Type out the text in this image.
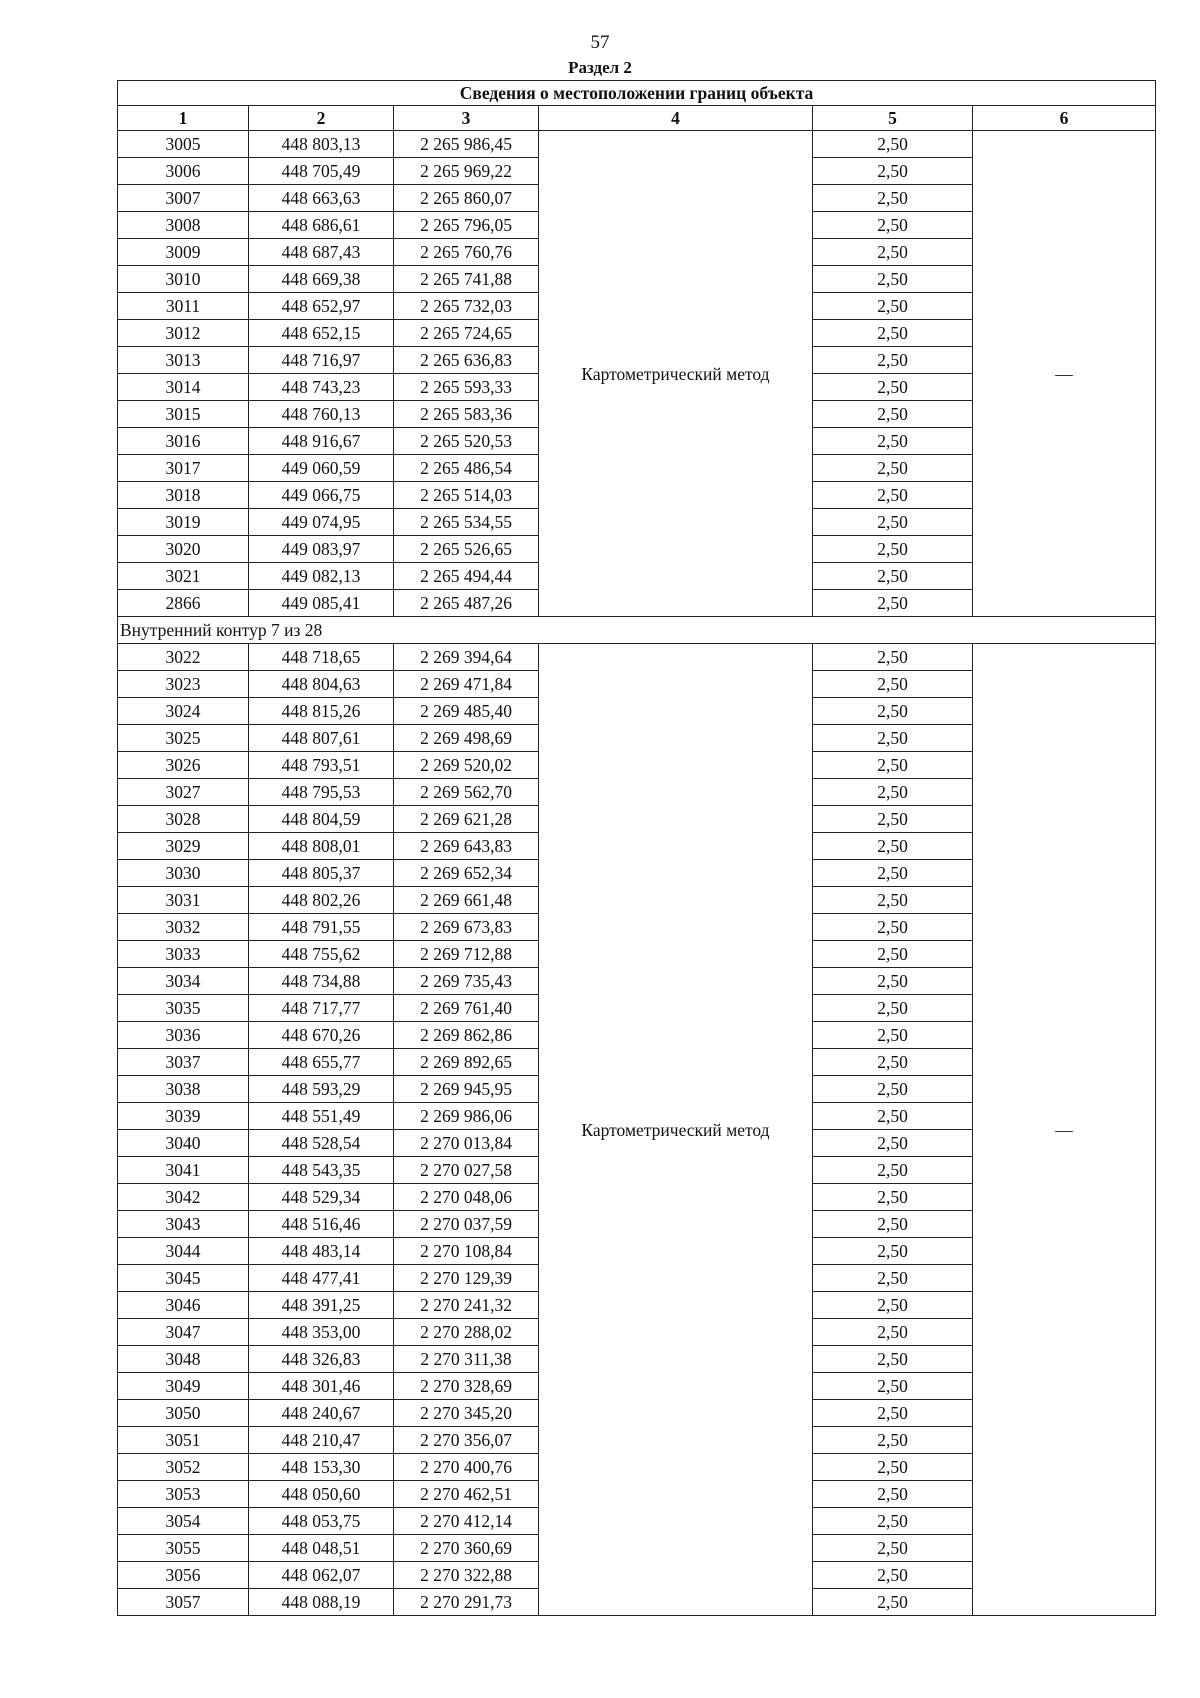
57
Раздел 2
Сведения о местоположении границ объекта					
1	2	3	4	5	6
3005	448 803,13	2 265 986,45	Картометрический метод	2,50	—
3006	448 705,49	2 265 969,22		2,50	
3007	448 663,63	2 265 860,07		2,50	
3008	448 686,61	2 265 796,05		2,50	
3009	448 687,43	2 265 760,76		2,50	
3010	448 669,38	2 265 741,88		2,50	
3011	448 652,97	2 265 732,03		2,50	
3012	448 652,15	2 265 724,65		2,50	
3013	448 716,97	2 265 636,83		2,50	
3014	448 743,23	2 265 593,33		2,50	
3015	448 760,13	2 265 583,36		2,50	
3016	448 916,67	2 265 520,53		2,50	
3017	449 060,59	2 265 486,54		2,50	
3018	449 066,75	2 265 514,03		2,50	
3019	449 074,95	2 265 534,55		2,50	
3020	449 083,97	2 265 526,65		2,50	
3021	449 082,13	2 265 494,44		2,50	
2866	449 085,41	2 265 487,26		2,50	
Внутренний контур 7 из 28					
3022	448 718,65	2 269 394,64	Картометрический метод	2,50	—
3023	448 804,63	2 269 471,84		2,50	
3024	448 815,26	2 269 485,40		2,50	
3025	448 807,61	2 269 498,69		2,50	
3026	448 793,51	2 269 520,02		2,50	
3027	448 795,53	2 269 562,70		2,50	
3028	448 804,59	2 269 621,28		2,50	
3029	448 808,01	2 269 643,83		2,50	
3030	448 805,37	2 269 652,34		2,50	
3031	448 802,26	2 269 661,48		2,50	
3032	448 791,55	2 269 673,83		2,50	
3033	448 755,62	2 269 712,88		2,50	
3034	448 734,88	2 269 735,43		2,50	
3035	448 717,77	2 269 761,40		2,50	
3036	448 670,26	2 269 862,86		2,50	
3037	448 655,77	2 269 892,65		2,50	
3038	448 593,29	2 269 945,95		2,50	
3039	448 551,49	2 269 986,06		2,50	
3040	448 528,54	2 270 013,84		2,50	
3041	448 543,35	2 270 027,58		2,50	
3042	448 529,34	2 270 048,06		2,50	
3043	448 516,46	2 270 037,59		2,50	
3044	448 483,14	2 270 108,84		2,50	
3045	448 477,41	2 270 129,39		2,50	
3046	448 391,25	2 270 241,32		2,50	
3047	448 353,00	2 270 288,02		2,50	
3048	448 326,83	2 270 311,38		2,50	
3049	448 301,46	2 270 328,69		2,50	
3050	448 240,67	2 270 345,20		2,50	
3051	448 210,47	2 270 356,07		2,50	
3052	448 153,30	2 270 400,76		2,50	
3053	448 050,60	2 270 462,51		2,50	
3054	448 053,75	2 270 412,14		2,50	
3055	448 048,51	2 270 360,69		2,50	
3056	448 062,07	2 270 322,88		2,50	
3057	448 088,19	2 270 291,73		2,50	
